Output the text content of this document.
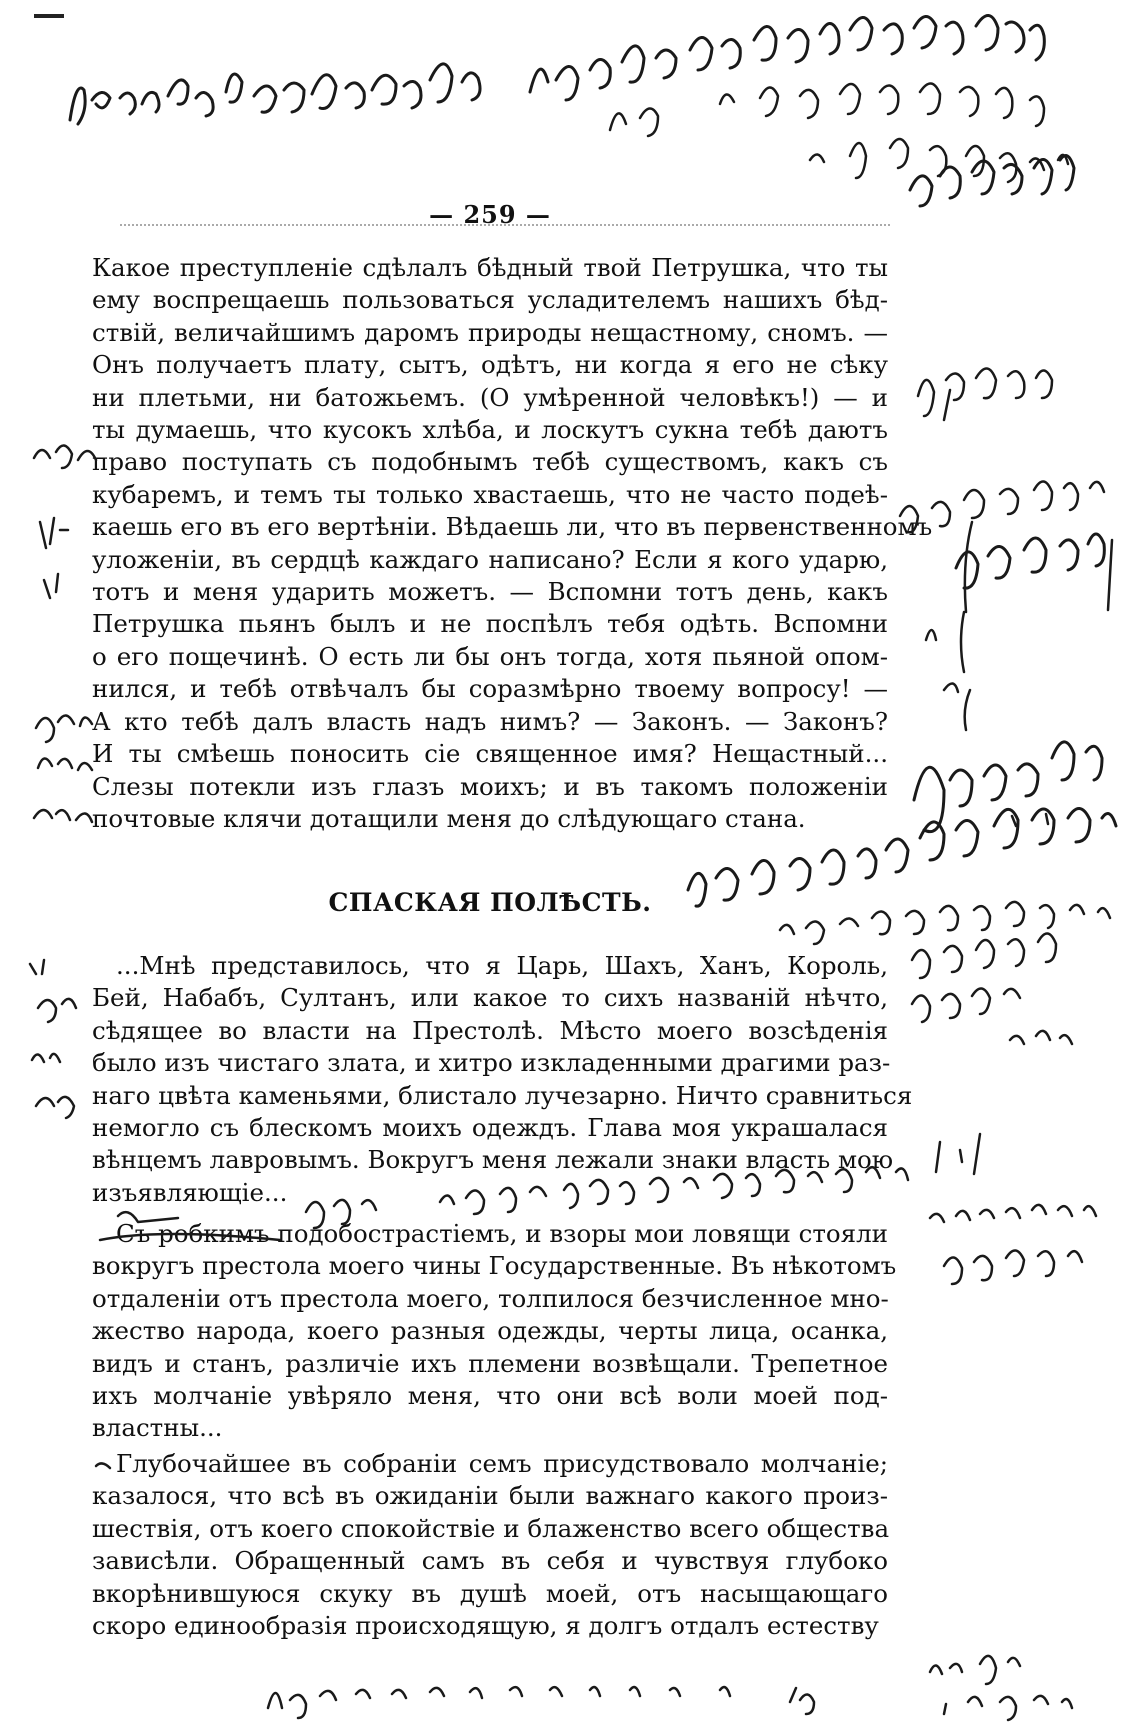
— 259 —
Какое преступленіе сдѣлалъ бѣдный твой Петрушка, что ты
ему воспрещаешь пользоваться усладителемъ нашихъ бѣд-
ствій, величайшимъ даромъ природы нещастному, сномъ. —
Онъ получаетъ плату, сытъ, одѣтъ, ни когда я его не сѣку
ни плетьми, ни батожьемъ. (О умѣренной человѣкъ!) — и
ты думаешь, что кусокъ хлѣба, и лоскутъ сукна тебѣ даютъ
право поступать съ подобнымъ тебѣ существомъ, какъ съ
кубаремъ, и темъ ты только хвастаешь, что не часто подеѣ-
каешь его въ его вертѣніи. Вѣдаешь ли, что въ первенственномъ
уложеніи, въ сердцѣ каждаго написано? Если я кого ударю,
тотъ и меня ударить можетъ. — Вспомни тотъ день, какъ
Петрушка пьянъ былъ и не поспѣлъ тебя одѣть. Вспомни
о его пощечинѣ. О есть ли бы онъ тогда, хотя пьяной опом-
нился, и тебѣ отвѣчалъ бы соразмѣрно твоему вопросу! —
А кто тебѣ далъ власть надъ нимъ? — Законъ. — Законъ?
И ты смѣешь поносить сіе священное имя? Нещастный...
Слезы потекли изъ глазъ моихъ; и въ такомъ положеніи
почтовые клячи дотащили меня до слѣдующаго стана.
СПАСКАЯ ПОЛѢСТЬ.
...Мнѣ представилось, что я Царь, Шахъ, Ханъ, Король,
Бей, Набабъ, Султанъ, или какое то сихъ названій нѣчто,
сѣдящее во власти на Престолѣ. Мѣсто моего возсѣденія
было изъ чистаго злата, и хитро изкладенными драгими раз-
наго цвѣта каменьями, блистало лучезарно. Ничто сравниться
немогло съ блескомъ моихъ одеждъ. Глава моя украшалася
вѣнцемъ лавровымъ. Вокругъ меня лежали знаки власть мою
изъявляющіе...
Съ робкимъ подобострастіемъ, и взоры мои ловящи стояли
вокругъ престола моего чины Государственные. Въ нѣкотомъ
отдаленіи отъ престола моего, толпилося безчисленное мно-
жество народа, коего разныя одежды, черты лица, осанка,
видъ и станъ, различіе ихъ племени возвѣщали. Трепетное
ихъ молчаніе увѣряло меня, что они всѣ воли моей под-
властны...
Глубочайшее въ собраніи семъ присудствовало молчаніе;
казалося, что всѣ въ ожиданіи были важнаго какого произ-
шествія, отъ коего спокойствіе и блаженство всего общества
зависѣли. Обращенный самъ въ себя и чувствуя глубоко
вкорѣнившуюся скуку въ душѣ моей, отъ насыщающаго
скоро единообразія происходящую, я долгъ отдалъ естеству
